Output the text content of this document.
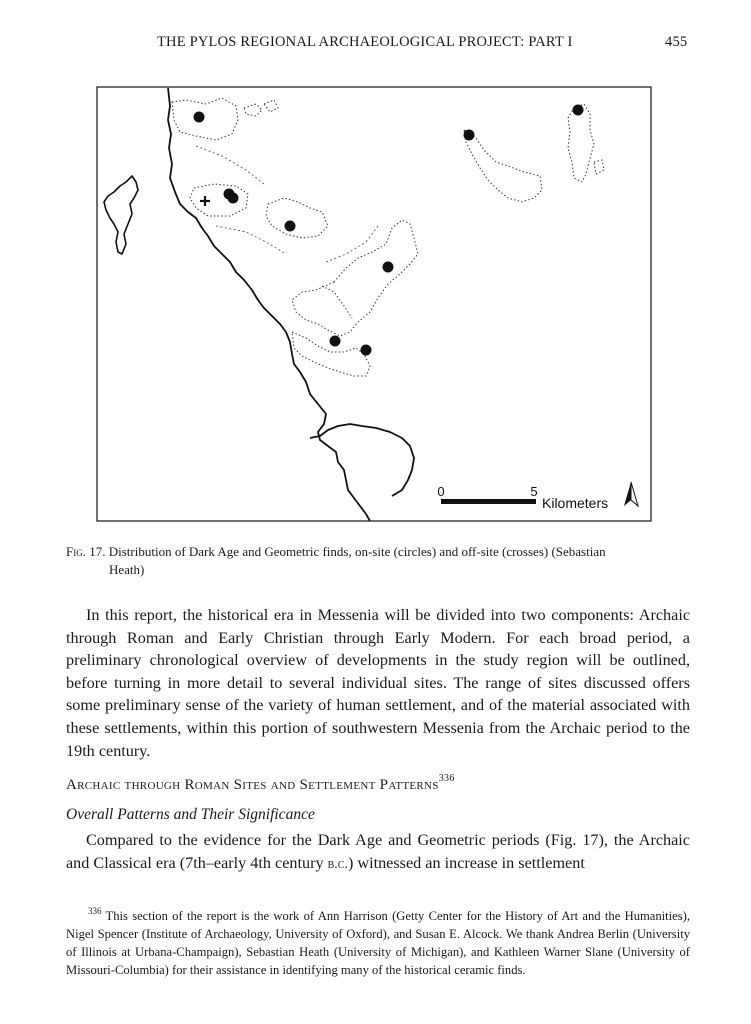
THE PYLOS REGIONAL ARCHAEOLOGICAL PROJECT: PART I	455
0	5
Kilometers
Fig. 17. Distribution of Dark Age and Geometric finds, on-site (circles) and off-site (crosses) (Sebastian
Heath)
In this report, the historical era in Messenia will be divided into two components: Archaic through Roman and Early Christian through Early Modern. For each broad period, a preliminary chronological overview of developments in the study region will be outlined, before turning in more detail to several individual sites. The range of sites discussed offers some preliminary sense of the variety of human settlement, and of the material associated with these settlements, within this portion of southwestern Messenia from the Archaic period to the 19th century.
Archaic through Roman Sites and Settlement Patterns$^{336}$
Overall Patterns and Their Significance
Compared to the evidence for the Dark Age and Geometric periods (Fig. 17), the Archaic and Classical era (7th–early 4th century b.c.) witnessed an increase in settlement
$^{336}$ This section of the report is the work of Ann Harrison (Getty Center for the History of Art and the Humanities), Nigel Spencer (Institute of Archaeology, University of Oxford), and Susan E. Alcock. We thank Andrea Berlin (University of Illinois at Urbana-Champaign), Sebastian Heath (University of Michigan), and Kathleen Warner Slane (University of Missouri-Columbia) for their assistance in identifying many of the historical ceramic finds.
